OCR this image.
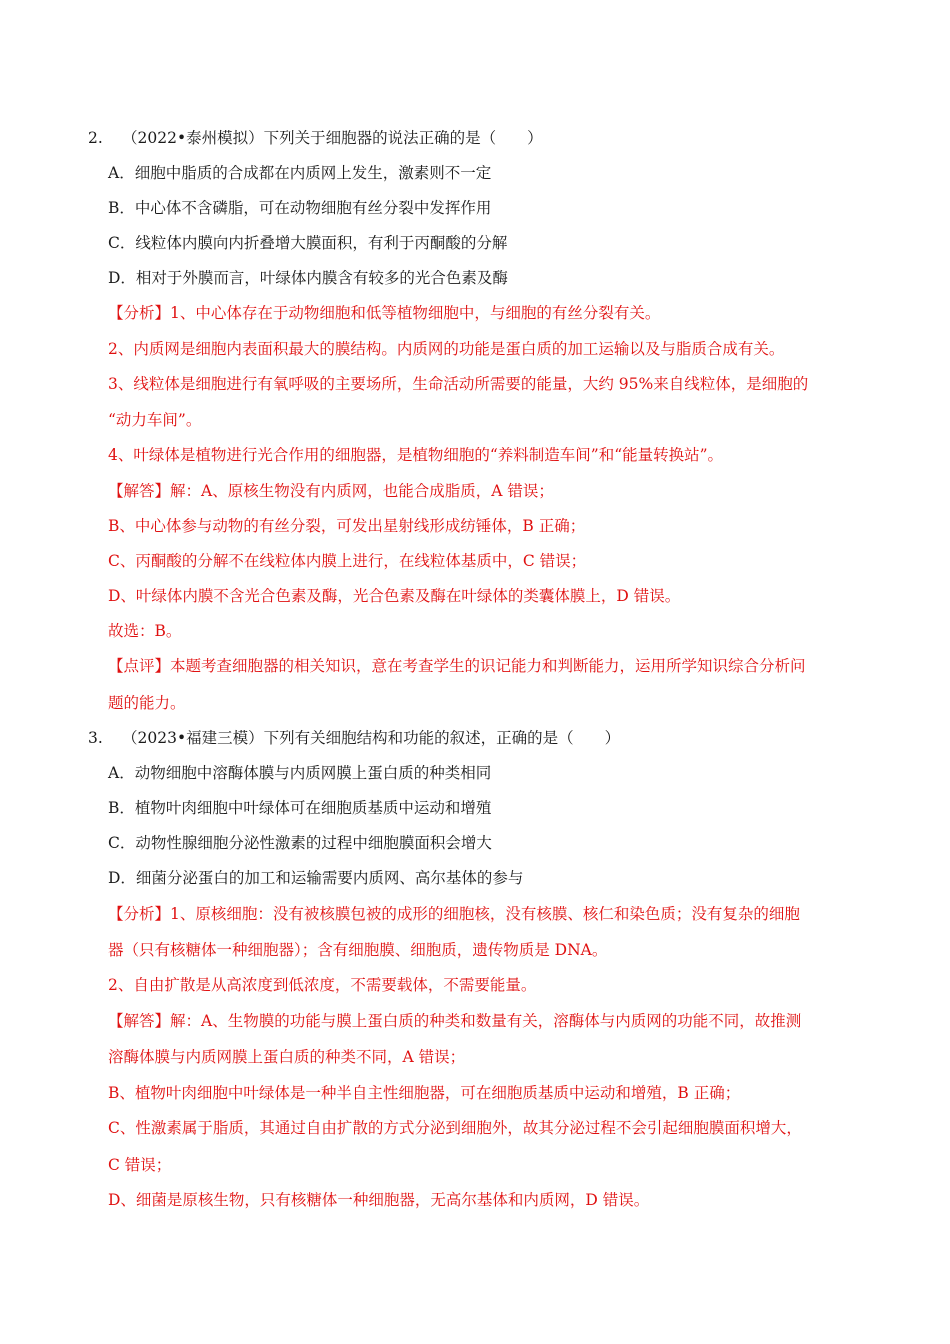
2. （2022•泰州模拟）下列关于细胞器的说法正确的是（　　）
A．细胞中脂质的合成都在内质网上发生，激素则不一定
B．中心体不含磷脂，可在动物细胞有丝分裂中发挥作用
C．线粒体内膜向内折叠增大膜面积，有利于丙酮酸的分解
D．相对于外膜而言，叶绿体内膜含有较多的光合色素及酶
【分析】1、中心体存在于动物细胞和低等植物细胞中，与细胞的有丝分裂有关。
2、内质网是细胞内表面积最大的膜结构。内质网的功能是蛋白质的加工运输以及与脂质合成有关。
3、线粒体是细胞进行有氧呼吸的主要场所，生命活动所需要的能量，大约 95%来自线粒体，是细胞的
“动力车间”。
4、叶绿体是植物进行光合作用的细胞器，是植物细胞的“养料制造车间”和“能量转换站”。
【解答】解：A、原核生物没有内质网，也能合成脂质，A 错误；
B、中心体参与动物的有丝分裂，可发出星射线形成纺锤体，B 正确；
C、丙酮酸的分解不在线粒体内膜上进行，在线粒体基质中，C 错误；
D、叶绿体内膜不含光合色素及酶，光合色素及酶在叶绿体的类囊体膜上，D 错误。
故选：B。
【点评】本题考查细胞器的相关知识，意在考查学生的识记能力和判断能力，运用所学知识综合分析问
题的能力。
3. （2023•福建三模）下列有关细胞结构和功能的叙述，正确的是（　　）
A．动物细胞中溶酶体膜与内质网膜上蛋白质的种类相同
B．植物叶肉细胞中叶绿体可在细胞质基质中运动和增殖
C．动物性腺细胞分泌性激素的过程中细胞膜面积会增大
D．细菌分泌蛋白的加工和运输需要内质网、高尔基体的参与
【分析】1、原核细胞：没有被核膜包被的成形的细胞核，没有核膜、核仁和染色质；没有复杂的细胞
器（只有核糖体一种细胞器）；含有细胞膜、细胞质，遗传物质是 DNA。
2、自由扩散是从高浓度到低浓度，不需要载体，不需要能量。
【解答】解：A、生物膜的功能与膜上蛋白质的种类和数量有关，溶酶体与内质网的功能不同，故推测
溶酶体膜与内质网膜上蛋白质的种类不同，A 错误；
B、植物叶肉细胞中叶绿体是一种半自主性细胞器，可在细胞质基质中运动和增殖，B 正确；
C、性激素属于脂质，其通过自由扩散的方式分泌到细胞外，故其分泌过程不会引起细胞膜面积增大，
C 错误；
D、细菌是原核生物，只有核糖体一种细胞器，无高尔基体和内质网，D 错误。
